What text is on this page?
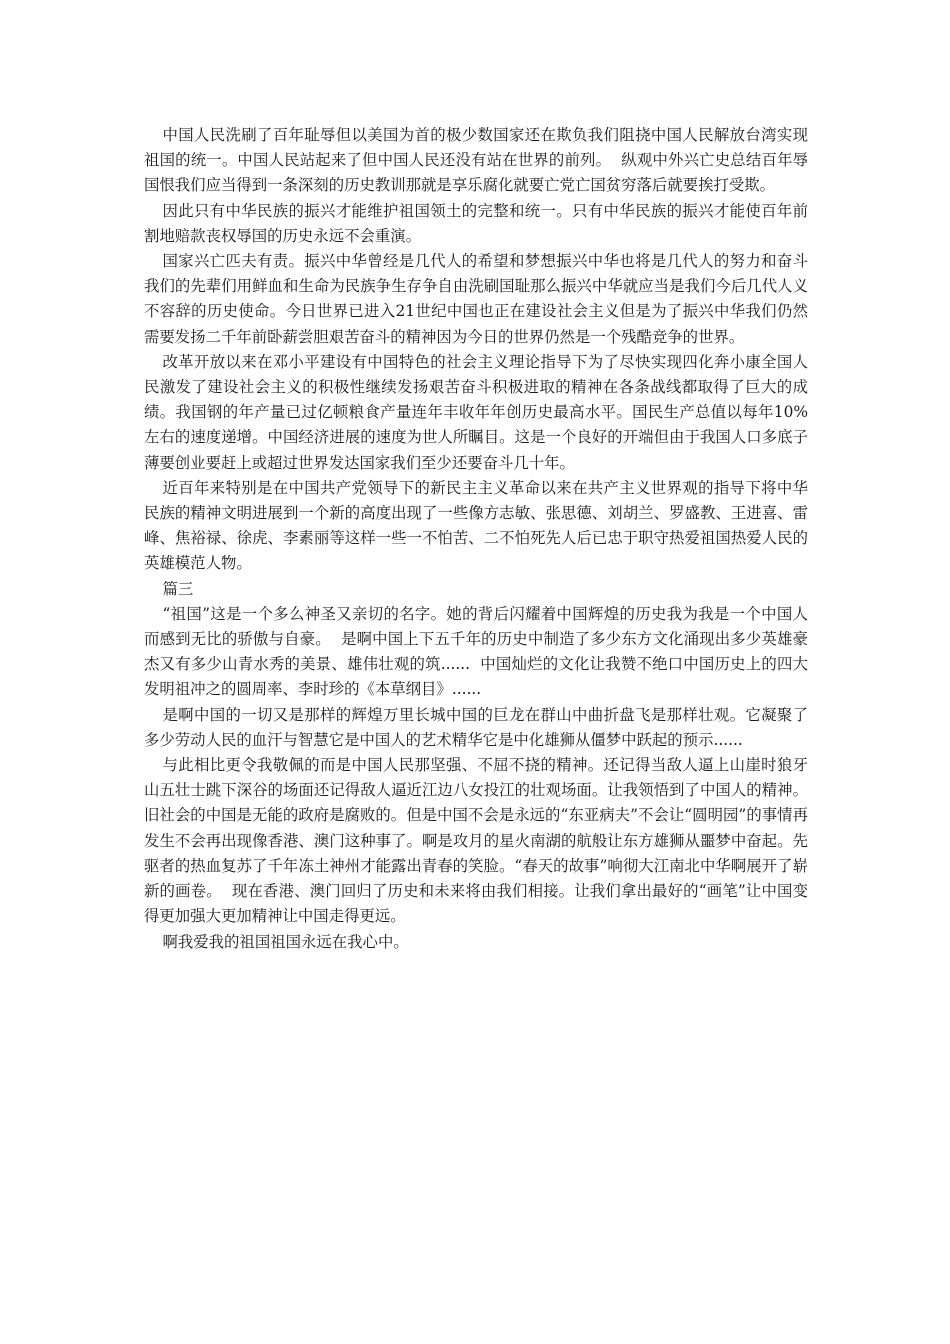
中国人民洗刷了百年耻辱但以美国为首的极少数国家还在欺负我们阻挠中国人民解放台湾实现祖国的统一。中国人民站起来了但中国人民还没有站在世界的前列。  纵观中外兴亡史总结百年辱国恨我们应当得到一条深刻的历史教训那就是享乐腐化就要亡党亡国贫穷落后就要挨打受欺。

因此只有中华民族的振兴才能维护祖国领土的完整和统一。只有中华民族的振兴才能使百年前割地赔款丧权辱国的历史永远不会重演。

国家兴亡匹夫有责。振兴中华曾经是几代人的希望和梦想振兴中华也将是几代人的努力和奋斗我们的先辈们用鲜血和生命为民族争生存争自由洗刷国耻那么振兴中华就应当是我们今后几代人义不容辞的历史使命。今日世界已进入21世纪中国也正在建设社会主义但是为了振兴中华我们仍然需要发扬二千年前卧薪尝胆艰苦奋斗的精神因为今日的世界仍然是一个残酷竞争的世界。

改革开放以来在邓小平建设有中国特色的社会主义理论指导下为了尽快实现四化奔小康全国人民激发了建设社会主义的积极性继续发扬艰苦奋斗积极进取的精神在各条战线都取得了巨大的成绩。我国钢的年产量已过亿顿粮食产量连年丰收年年创历史最高水平。国民生产总值以每年10%左右的速度递增。中国经济进展的速度为世人所瞩目。这是一个良好的开端但由于我国人口多底子薄要创业要赶上或超过世界发达国家我们至少还要奋斗几十年。

近百年来特别是在中国共产党领导下的新民主主义革命以来在共产主义世界观的指导下将中华民族的精神文明进展到一个新的高度出现了一些像方志敏、张思德、刘胡兰、罗盛教、王进喜、雷峰、焦裕禄、徐虎、李素丽等这样一些一不怕苦、二不怕死先人后已忠于职守热爱祖国热爱人民的英雄模范人物。

篇三

“祖国”这是一个多么神圣又亲切的名字。她的背后闪耀着中国辉煌的历史我为我是一个中国人而感到无比的骄傲与自豪。  是啊中国上下五千年的历史中制造了多少东方文化涌现出多少英雄豪杰又有多少山青水秀的美景、雄伟壮观的筑......  中国灿烂的文化让我赞不绝口中国历史上的四大发明祖冲之的圆周率、李时珍的《本草纲目》......

是啊中国的一切又是那样的辉煌万里长城中国的巨龙在群山中曲折盘飞是那样壮观。它凝聚了多少劳动人民的血汗与智慧它是中国人的艺术精华它是中化雄狮从僵梦中跃起的预示......

与此相比更令我敬佩的而是中国人民那坚强、不屈不挠的精神。还记得当敌人逼上山崖时狼牙山五壮士跳下深谷的场面还记得敌人逼近江边八女投江的壮观场面。让我领悟到了中国人的精神。旧社会的中国是无能的政府是腐败的。但是中国不会是永远的“东亚病夫”不会让“圆明园”的事情再发生不会再出现像香港、澳门这种事了。啊是攻月的星火南湖的航般让东方雄狮从噩梦中奋起。先驱者的热血复苏了千年冻土神州才能露出青春的笑脸。“春天的故事”响彻大江南北中华啊展开了崭新的画卷。  现在香港、澳门回归了历史和未来将由我们相接。让我们拿出最好的“画笔”让中国变得更加强大更加精神让中国走得更远。

啊我爱我的祖国祖国永远在我心中。
